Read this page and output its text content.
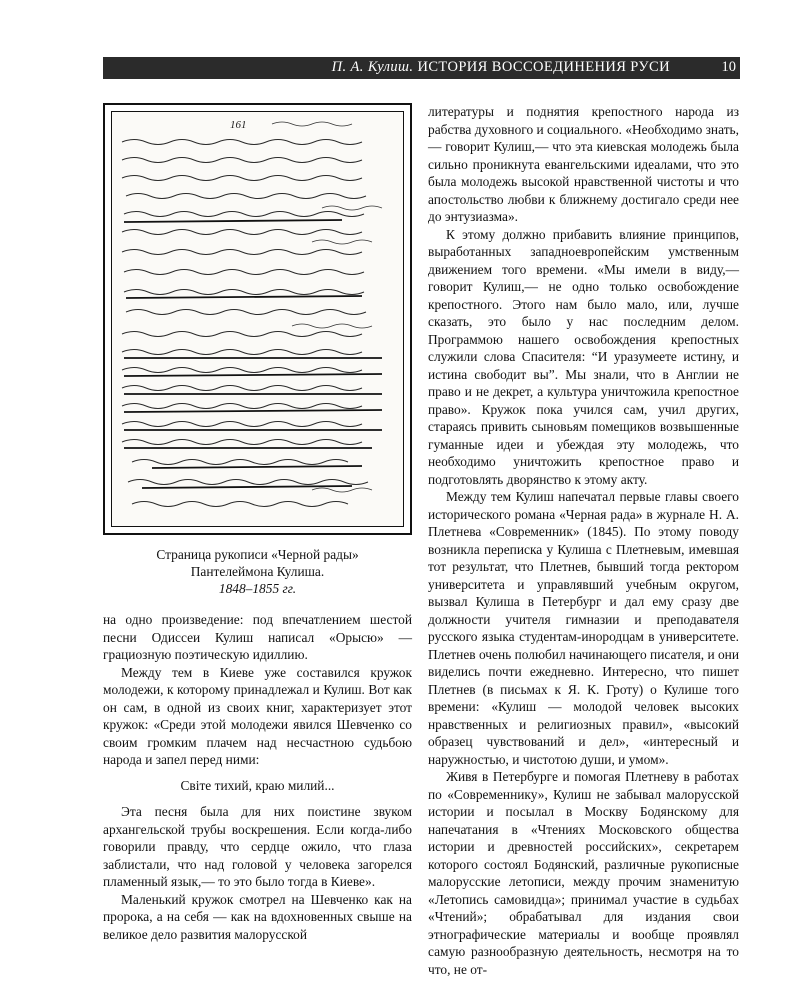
П. А. Кулиш. ИСТОРИЯ ВОССОЕДИНЕНИЯ РУСИ	10
161
Страница рукописи «Черной рады»
Пантелеймона Кулиша.

1848–1855 гг.

на одно произведение: под впечатлением шестой песни Одиссеи Кулиш написал «Орысю» — грациозную поэтическую идиллию.

Между тем в Киеве уже составился кружок молодежи, к которому принадлежал и Кулиш. Вот как он сам, в одной из своих книг, характеризует этот кружок: «Среди этой молодежи явился Шевченко со своим громким плачем над несчастною судьбою народа и запел перед ними:

Світе тихий, краю милий...

Эта песня была для них поистине звуком архангельской трубы воскрешения. Если когда-либо говорили правду, что сердце ожило, что глаза заблистали, что над головой у человека загорелся пламенный язык,— то это было тогда в Киеве».

Маленький кружок смотрел на Шевченко как на пророка, а на себя — как на вдохновенных свыше на великое дело развития малорусской

литературы и поднятия крепостного народа из рабства духовного и социального. «Необходимо знать,— говорит Кулиш,— что эта киевская молодежь была сильно проникнута евангельскими идеалами, что это была молодежь высокой нравственной чистоты и что апостольство любви к ближнему достигало среди нее до энтузиазма».

К этому должно прибавить влияние принципов, выработанных западноевропейским умственным движением того времени. «Мы имели в виду,— говорит Кулиш,— не одно только освобождение крепостного. Этого нам было мало, или, лучше сказать, это было у нас последним делом. Программою нашего освобождения крепостных служили слова Спасителя: “И уразумеете истину, и истина свободит вы”. Мы знали, что в Англии не право и не декрет, а культура уничтожила крепостное право». Кружок пока учился сам, учил других, стараясь привить сыновьям помещиков возвышенные гуманные идеи и убеждая эту молодежь, что необходимо уничтожить крепостное право и подготовлять дворянство к этому акту.

Между тем Кулиш напечатал первые главы своего исторического романа «Черная рада» в журнале Н. А. Плетнева «Современник» (1845). По этому поводу возникла переписка у Кулиша с Плетневым, имевшая тот результат, что Плетнев, бывший тогда ректором университета и управлявший учебным округом, вызвал Кулиша в Петербург и дал ему сразу две должности учителя гимназии и преподавателя русского языка студентам-инородцам в университете. Плетнев очень полюбил начинающего писателя, и они виделись почти ежедневно. Интересно, что пишет Плетнев (в письмах к Я. К. Гроту) о Кулише того времени: «Кулиш — молодой человек высоких нравственных и религиозных правил», «высокий образец чувствований и дел», «интересный и наружностью, и чистотою души, и умом».

Живя в Петербурге и помогая Плетневу в работах по «Современнику», Кулиш не забывал малорусской истории и посылал в Москву Бодянскому для напечатания в «Чтениях Московского общества истории и древностей российских», секретарем которого состоял Бодянский, различные рукописные малорусские летописи, между прочим знаменитую «Летопись самовидца»; принимал участие в судьбах «Чтений»; обрабатывал для издания свои этнографические материалы и вообще проявлял самую разнообразную деятельность, несмотря на то что, не от-
